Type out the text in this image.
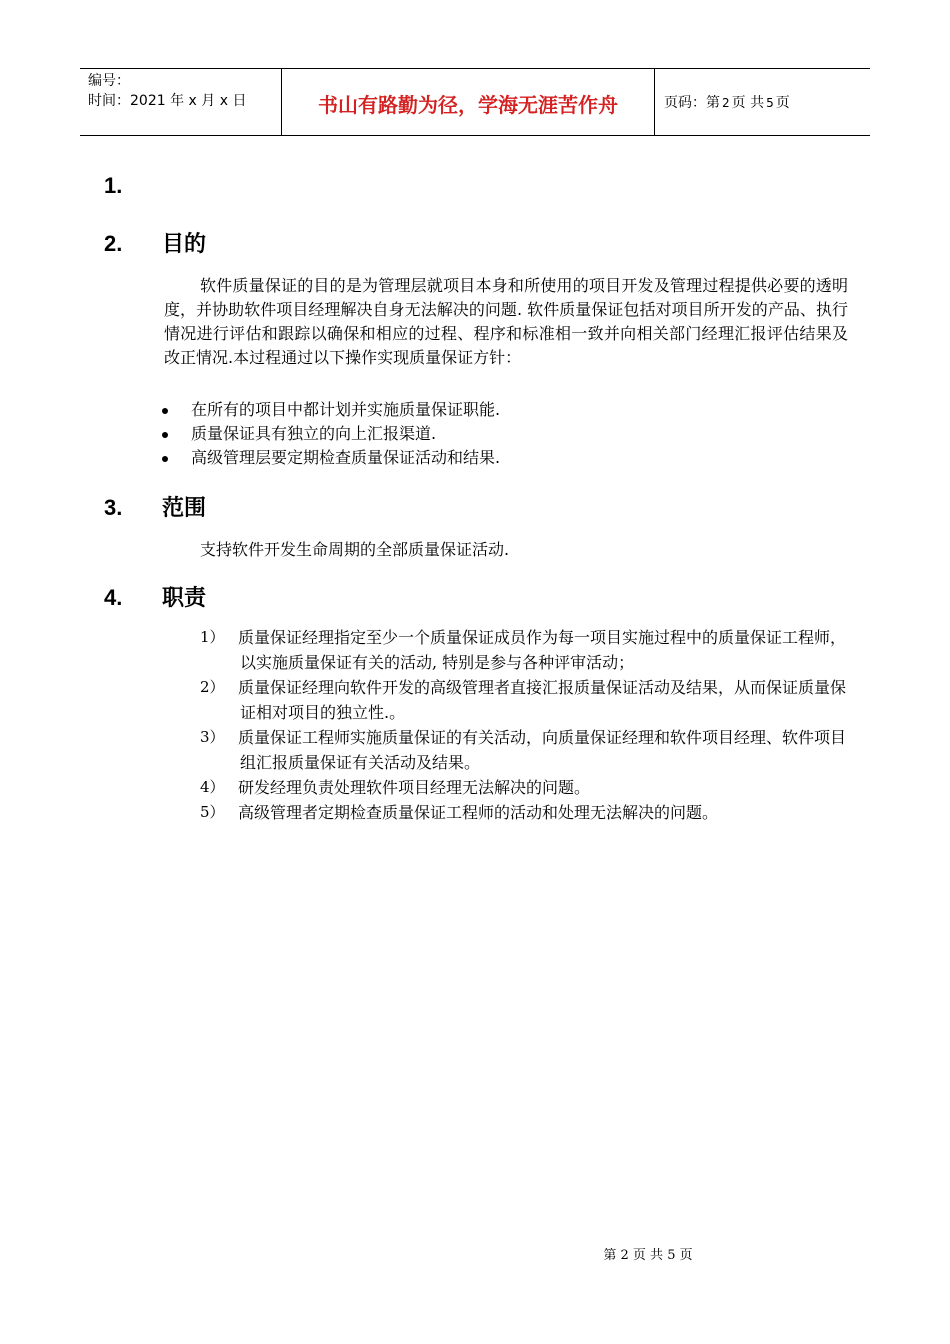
编号：
时间：2021 年 x 月 x 日	书山有路勤为径，学海无涯苦作舟	页码：第 2 页 共 5 页
1.
2. 目的
软件质量保证的目的是为管理层就项目本身和所使用的项目开发及管理过程提供必要的透明度，并协助软件项目经理解决自身无法解决的问题. 软件质量保证包括对项目所开发的产品、执行情况进行评估和跟踪以确保和相应的过程、程序和标准相一致并向相关部门经理汇报评估结果及改正情况.本过程通过以下操作实现质量保证方针：
在所有的项目中都计划并实施质量保证职能.
质量保证具有独立的向上汇报渠道.
高级管理层要定期检查质量保证活动和结果.
3. 范围
支持软件开发生命周期的全部质量保证活动.
4. 职责
1） 质量保证经理指定至少一个质量保证成员作为每一项目实施过程中的质量保证工程师，以实施质量保证有关的活动, 特别是参与各种评审活动；
2） 质量保证经理向软件开发的高级管理者直接汇报质量保证活动及结果，从而保证质量保证相对项目的独立性.。
3） 质量保证工程师实施质量保证的有关活动，向质量保证经理和软件项目经理、软件项目组汇报质量保证有关活动及结果。
4） 研发经理负责处理软件项目经理无法解决的问题。
5） 高级管理者定期检查质量保证工程师的活动和处理无法解决的问题。
第 2 页 共 5 页
